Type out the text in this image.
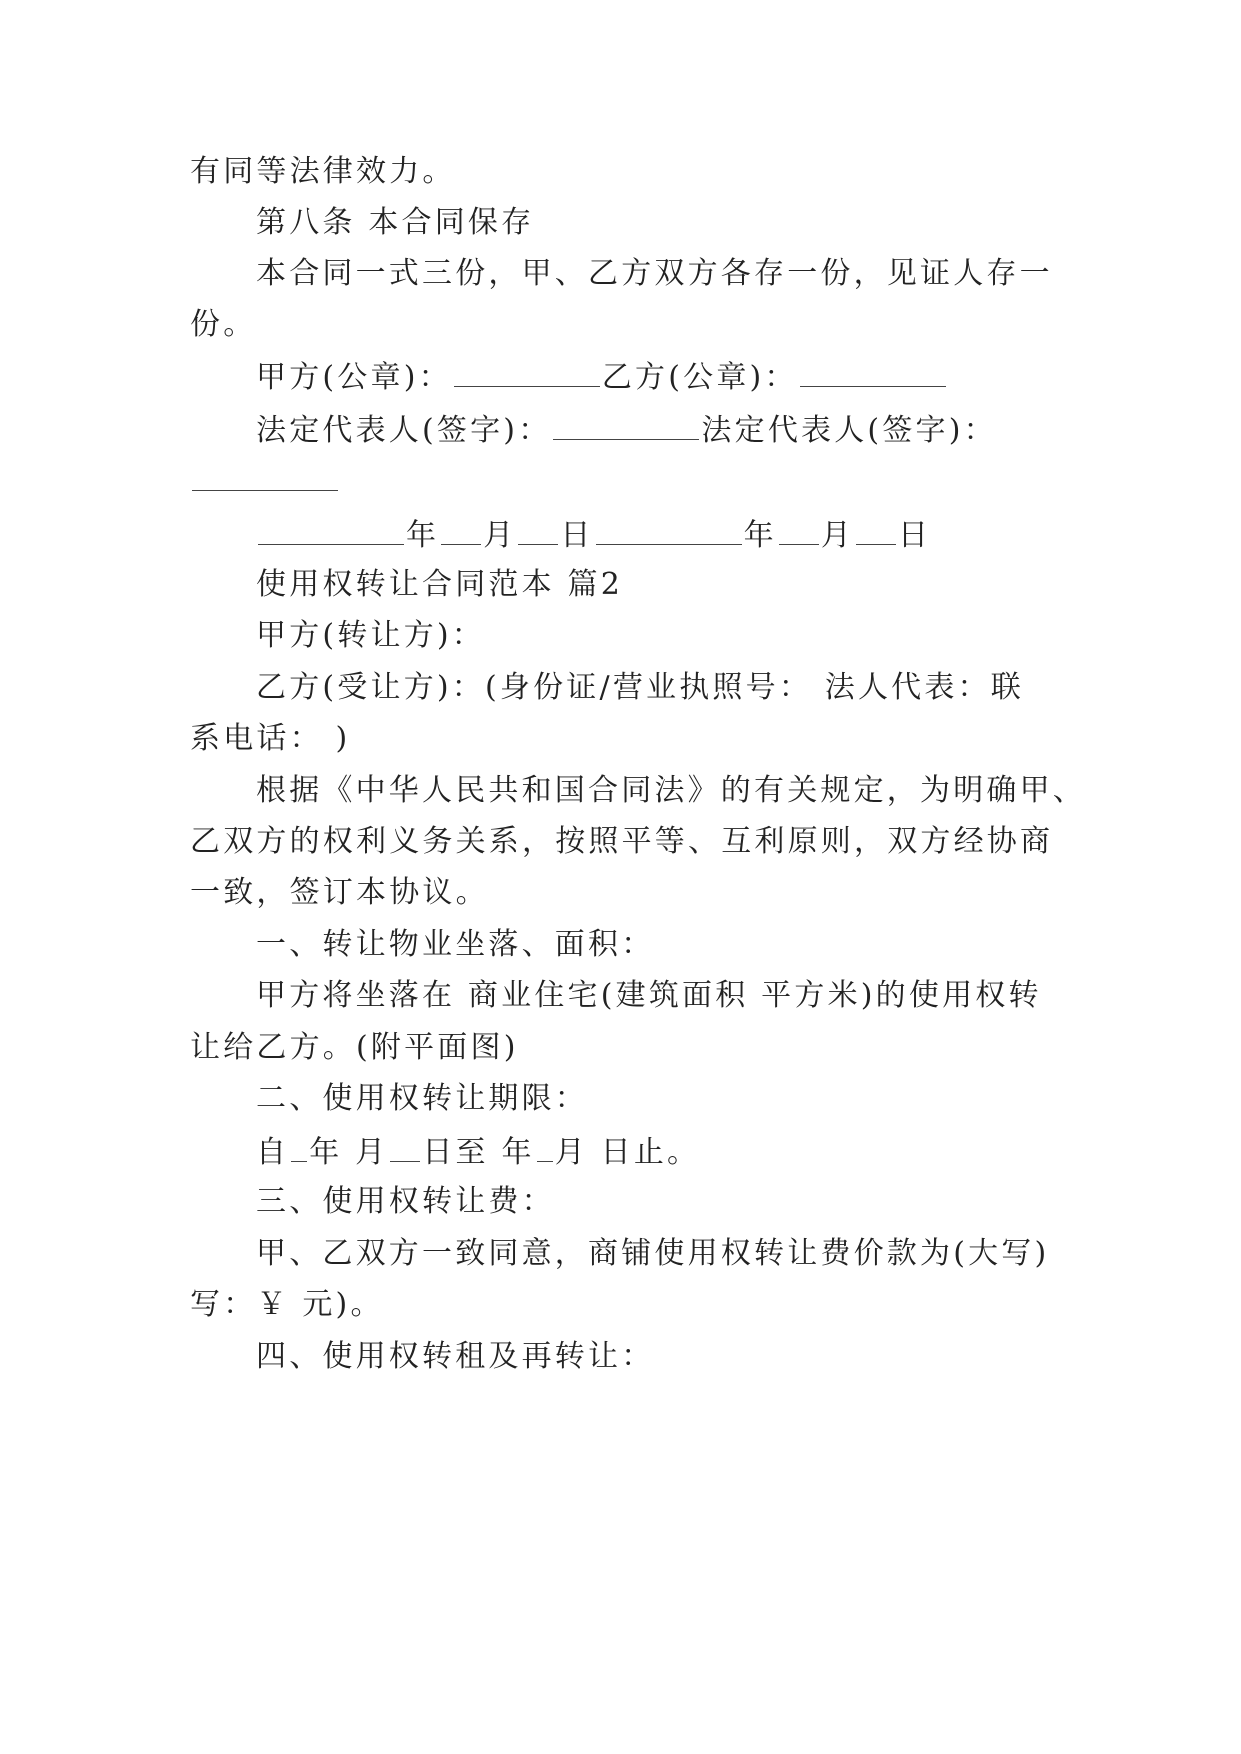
有同等法律效力。
第八条 本合同保存
本合同一式三份，甲、乙方双方各存一份，见证人存一
份。
甲方(公章)：	乙方(公章)：
法定代表人(签字)：	法定代表人(签字)：
年 月 日	年 月 日
使用权转让合同范本 篇2
甲方(转让方)：
乙方(受让方)：(身份证/营业执照号： 法人代表：联
系电话： )
根据《中华人民共和国合同法》的有关规定，为明确甲、
乙双方的权利义务关系，按照平等、互利原则，双方经协商
一致，签订本协议。
一、转让物业坐落、面积：
甲方将坐落在 商业住宅(建筑面积 平方米)的使用权转
让给乙方。(附平面图)
二、使用权转让期限：
自 年 月 日至 年 月 日止。
三、使用权转让费：
甲、乙双方一致同意，商铺使用权转让费价款为(大写)
写：￥ 元)。
四、使用权转租及再转让：
